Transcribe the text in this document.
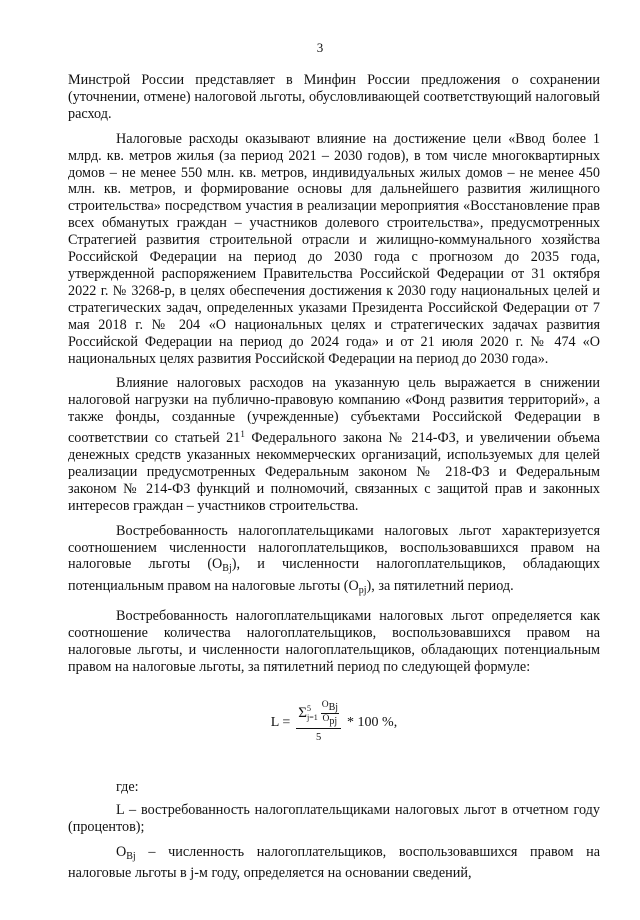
3

Минстрой России представляет в Минфин России предложения о сохранении (уточнении, отмене) налоговой льготы, обусловливающей соответствующий налоговый расход.

Налоговые расходы оказывают влияние на достижение цели «Ввод более 1 млрд. кв. метров жилья (за период 2021 – 2030 годов), в том числе многоквартирных домов – не менее 550 млн. кв. метров, индивидуальных жилых домов – не менее 450 млн. кв. метров, и формирование основы для дальнейшего развития жилищного строительства» посредством участия в реализации мероприятия «Восстановление прав всех обманутых граждан – участников долевого строительства», предусмотренных Стратегией развития строительной отрасли и жилищно-коммунального хозяйства Российской Федерации на период до 2030 года с прогнозом до 2035 года, утвержденной распоряжением Правительства Российской Федерации от 31 октября 2022 г. № 3268-р, в целях обеспечения достижения к 2030 году национальных целей и стратегических задач, определенных указами Президента Российской Федерации от 7 мая 2018 г. № 204 «О национальных целях и стратегических задачах развития Российской Федерации на период до 2024 года» и от 21 июля 2020 г. № 474 «О национальных целях развития Российской Федерации на период до 2030 года».

Влияние налоговых расходов на указанную цель выражается в снижении налоговой нагрузки на публично-правовую компанию «Фонд развития территорий», а также фонды, созданные (учрежденные) субъектами Российской Федерации в соответствии со статьей $21^1$ Федерального закона № 214-ФЗ, и увеличении объема денежных средств указанных некоммерческих организаций, используемых для целей реализации предусмотренных Федеральным законом № 218-ФЗ и Федеральным законом № 214-ФЗ функций и полномочий, связанных с защитой прав и законных интересов граждан – участников строительства.

Востребованность налогоплательщиками налоговых льгот характеризуется соотношением численности налогоплательщиков, воспользовавшихся правом на налоговые льготы $(O_{Bj})$, и численности налогоплательщиков, обладающих потенциальным правом на налоговые льготы $(O_{pj})$, за пятилетний период.

Востребованность налогоплательщиками налоговых льгот определяется как соотношение количества налогоплательщиков, воспользовавшихся правом на налоговые льготы, и численности налогоплательщиков, обладающих потенциальным правом на налоговые льготы, за пятилетний период по следующей формуле:

L =
Σ 5
$j=1 \frac{\text{OBj}}{\text{Opj}}$
5
* 100 %,

где:

L – востребованность налогоплательщиками налоговых льгот в отчетном году (процентов);

$O_{Bj}$ – численность налогоплательщиков, воспользовавшихся правом на налоговые льготы в j-м году, определяется на основании сведений,
